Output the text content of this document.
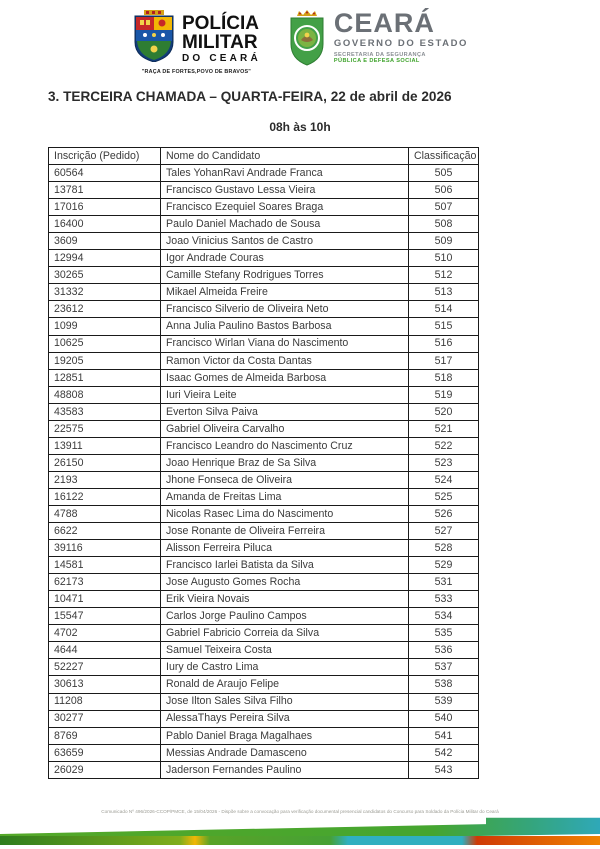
POLÍCIA
MILITAR
DO CEARÁ
"RAÇA DE FORTES,POVO DE BRAVOS"
CEARÁ
GOVERNO DO ESTADO
SECRETARIA DA SEGURANÇA
PÚBLICA E DEFESA SOCIAL
3. TERCEIRA CHAMADA – QUARTA-FEIRA, 22 de abril de 2026
08h às 10h
Inscrição (Pedido)	Nome do Candidato	Classificação
60564	Tales YohanRavi Andrade Franca	505
13781	Francisco Gustavo Lessa Vieira	506
17016	Francisco Ezequiel Soares Braga	507
16400	Paulo Daniel Machado de Sousa	508
3609	Joao Vinicius Santos de Castro	509
12994	Igor Andrade Couras	510
30265	Camille Stefany Rodrigues Torres	512
31332	Mikael Almeida Freire	513
23612	Francisco Silverio de Oliveira Neto	514
1099	Anna Julia Paulino Bastos Barbosa	515
10625	Francisco Wirlan Viana do Nascimento	516
19205	Ramon Victor da Costa Dantas	517
12851	Isaac Gomes de Almeida Barbosa	518
48808	Iuri Vieira Leite	519
43583	Everton Silva Paiva	520
22575	Gabriel Oliveira Carvalho	521
13911	Francisco Leandro do Nascimento Cruz	522
26150	Joao Henrique Braz de Sa Silva	523
2193	Jhone Fonseca de Oliveira	524
16122	Amanda de Freitas Lima	525
4788	Nicolas Rasec Lima do Nascimento	526
6622	Jose Ronante de Oliveira Ferreira	527
39116	Alisson Ferreira Piluca	528
14581	Francisco Iarlei Batista da Silva	529
62173	Jose Augusto Gomes Rocha	531
10471	Erik Vieira Novais	533
15547	Carlos Jorge Paulino Campos	534
4702	Gabriel Fabricio Correia da Silva	535
4644	Samuel Teixeira Costa	536
52227	Iury de Castro Lima	537
30613	Ronald de Araujo Felipe	538
11208	Jose Ilton Sales Silva Filho	539
30277	AlessaThays Pereira Silva	540
8769	Pablo Daniel Braga Magalhaes	541
63659	Messias Andrade Damasceno	542
26029	Jaderson Fernandes Paulino	543
Comunicado Nº 496/2026-CCOP/PMCE, de 15/04/2026 - Dispõe sobre a convocação para verificação documental presencial candidatos do Concurso para Soldado da Polícia Militar do Ceará
